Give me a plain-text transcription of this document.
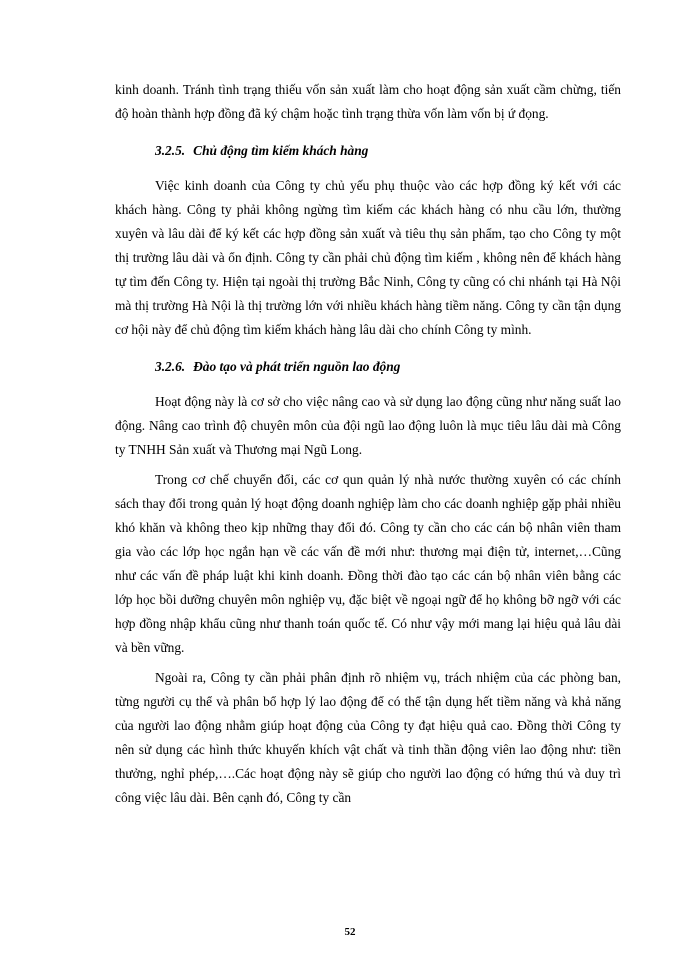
kinh doanh. Tránh tình trạng thiếu vốn sản xuất làm cho hoạt động sản xuất cầm chừng, tiến độ hoàn thành hợp đồng đã ký chậm hoặc tình trạng thừa vốn làm vốn bị ứ đọng.

3.2.5. Chủ động tìm kiếm khách hàng

Việc kinh doanh của Công ty chủ yếu phụ thuộc vào các hợp đồng ký kết với các khách hàng. Công ty phải không ngừng tìm kiếm các khách hàng có nhu cầu lớn, thường xuyên và lâu dài để ký kết các hợp đồng sản xuất và tiêu thụ sản phẩm, tạo cho Công ty một thị trường lâu dài và ổn định. Công ty cần phải chủ động tìm kiếm , không nên để khách hàng tự tìm đến Công ty. Hiện tại ngoài thị trường Bắc Ninh, Công ty cũng có chi nhánh tại Hà Nội mà thị trường Hà Nội là thị trường lớn với nhiều khách hàng tiềm năng. Công ty cần tận dụng cơ hội này để chủ động tìm kiếm khách hàng lâu dài cho chính Công ty mình.

3.2.6. Đào tạo và phát triển nguồn lao động

Hoạt động này là cơ sở cho việc nâng cao và sử dụng lao động cũng như năng suất lao động. Nâng cao trình độ chuyên môn của đội ngũ lao động luôn là mục tiêu lâu dài mà Công ty TNHH Sản xuất và Thương mại Ngũ Long.

Trong cơ chế chuyển đổi, các cơ qun quản lý nhà nước thường xuyên có các chính sách thay đổi trong quản lý hoạt động doanh nghiệp làm cho các doanh nghiệp gặp phải nhiều khó khăn và không theo kịp những thay đổi đó. Công ty cần cho các cán bộ nhân viên tham gia vào các lớp học ngắn hạn về các vấn đề mới như: thương mại điện tử, internet,…Cũng như các vấn đề pháp luật khi kinh doanh. Đồng thời đào tạo các cán bộ nhân viên bằng các lớp học bồi dưỡng chuyên môn nghiệp vụ, đặc biệt về ngoại ngữ để họ không bỡ ngỡ với các hợp đồng nhập khẩu cũng như thanh toán quốc tế. Có như vậy mới mang lại hiệu quả lâu dài và bền vững.

Ngoài ra, Công ty cần phải phân định rõ nhiệm vụ, trách nhiệm của các phòng ban, từng người cụ thể và phân bổ hợp lý lao động để có thể tận dụng hết tiềm năng và khả năng của người lao động nhằm giúp hoạt động của Công ty đạt hiệu quả cao. Đồng thời Công ty nên sử dụng các hình thức khuyến khích vật chất và tinh thần động viên lao động như: tiền thưởng, nghỉ phép,….Các hoạt động này sẽ giúp cho người lao động có hứng thú và duy trì công việc lâu dài. Bên cạnh đó, Công ty cần

52
